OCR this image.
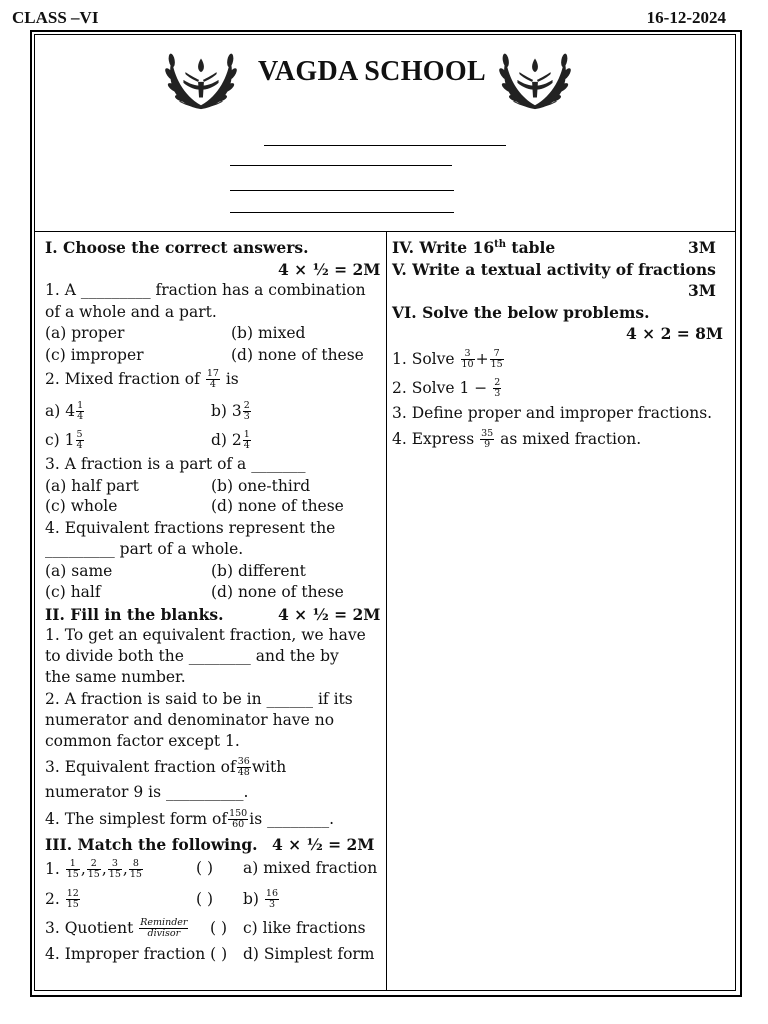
CLASS –VI	16-12-2024
VAGDA SCHOOL
I. Choose the correct answers.
4 × ½ = 2M
1. A _________ fraction has a combination
of a whole and a part.
(a) proper	(b) mixed
(c) improper	(d) none of these
2. Mixed fraction of
$\frac{17}{4}$
is
a)
$4 \frac{1}{4}$	b)
$3 \frac{2}{3}$
c)
$1 \frac{5}{4}$	d)
$2 \frac{1}{4}$
3. A fraction is a part of a _______
(a) half part	(b) one-third
(c) whole	(d) none of these
4. Equivalent fractions represent the
_________ part of a whole.
(a) same	(b) different
(c) half	(d) none of these
II. Fill in the blanks.	4 × ½ = 2M
1. To get an equivalent fraction, we have
to divide both the ________ and the by
the same number.
2. A fraction is said to be in ______ if its
numerator and denominator have no
common factor except 1.
3. Equivalent fraction of $\frac{36}{48}$ with
numerator 9 is __________.
4. The simplest form of $\frac{150}{60}$ is ________.
III. Match the following. 4 × ½ = 2M
1.
$\frac{1}{15}$ , $\frac{2}{15}$ , $\frac{3}{15}$ , $\frac{8}{15}$	( ) a) mixed fraction
2.
$\frac{12}{15}$	( ) b)
$\frac{16}{3}$
3. Quotient
$\frac{\text{Reminder}}{\text{divisor}}$ ( ) c) like fractions
4. Improper fraction ( ) d) Simplest form
IV. Write 16th table	3M
V. Write a textual activity of fractions
3M
VI. Solve the below problems.
4 × 2 = 8M
1. Solve
$\frac{3}{10} + \frac{7}{15}$
2. Solve 1 −
$\frac{2}{3}$
3. Define proper and improper fractions.
4. Express
$\frac{35}{9}$
as mixed fraction.
